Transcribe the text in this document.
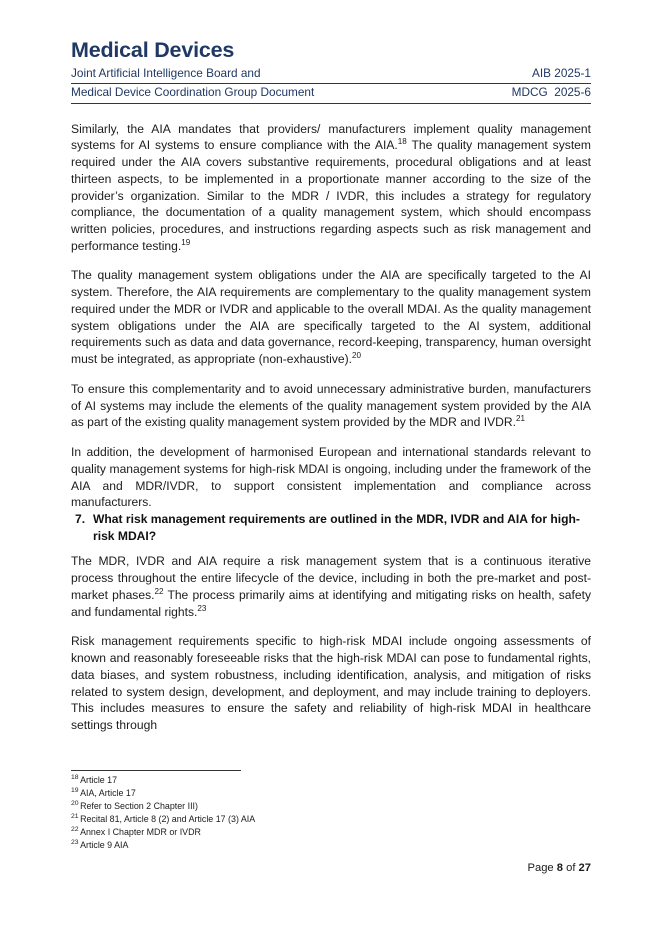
Medical Devices
Joint Artificial Intelligence Board and	AIB 2025-1
Medical Device Coordination Group Document	MDCG  2025-6

Similarly, the AIA mandates that providers/ manufacturers implement quality management systems for AI systems to ensure compliance with the AIA.$^{18}$ The quality management system required under the AIA covers substantive requirements, procedural obligations and at least thirteen aspects, to be implemented in a proportionate manner according to the size of the provider’s organization. Similar to the MDR / IVDR, this includes a strategy for regulatory compliance, the documentation of a quality management system, which should encompass written policies, procedures, and instructions regarding aspects such as risk management and performance testing.$^{19}$

The quality management system obligations under the AIA are specifically targeted to the AI system. Therefore, the AIA requirements are complementary to the quality management system required under the MDR or IVDR and applicable to the overall MDAI. As the quality management system obligations under the AIA are specifically targeted to the AI system, additional requirements such as data and data governance, record-keeping, transparency, human oversight must be integrated, as appropriate (non-exhaustive).$^{20}$

To ensure this complementarity and to avoid unnecessary administrative burden, manufacturers of AI systems may include the elements of the quality management system provided by the AIA as part of the existing quality management system provided by the MDR and IVDR.$^{21}$

In addition, the development of harmonised European and international standards relevant to quality management systems for high-risk MDAI is ongoing, including under the framework of the AIA and MDR/IVDR, to support consistent implementation and compliance across manufacturers.

7. What risk management requirements are outlined in the MDR, IVDR and AIA for high-risk MDAI?

The MDR, IVDR and AIA require a risk management system that is a continuous iterative process throughout the entire lifecycle of the device, including in both the pre-market and post-market phases.$^{22}$ The process primarily aims at identifying and mitigating risks on health, safety and fundamental rights.$^{23}$

Risk management requirements specific to high-risk MDAI include ongoing assessments of known and reasonably foreseeable risks that the high-risk MDAI can pose to fundamental rights, data biases, and system robustness, including identification, analysis, and mitigation of risks related to system design, development, and deployment, and may include training to deployers. This includes measures to ensure the safety and reliability of high-risk MDAI in healthcare settings through

$^{18}$ Article 17
$^{19}$ AIA, Article 17
$^{20}$ Refer to Section 2 Chapter III)
$^{21}$ Recital 81, Article 8 (2) and Article 17 (3) AIA
$^{22}$ Annex I Chapter MDR or IVDR
$^{23}$ Article 9 AIA
Page 8 of 27
